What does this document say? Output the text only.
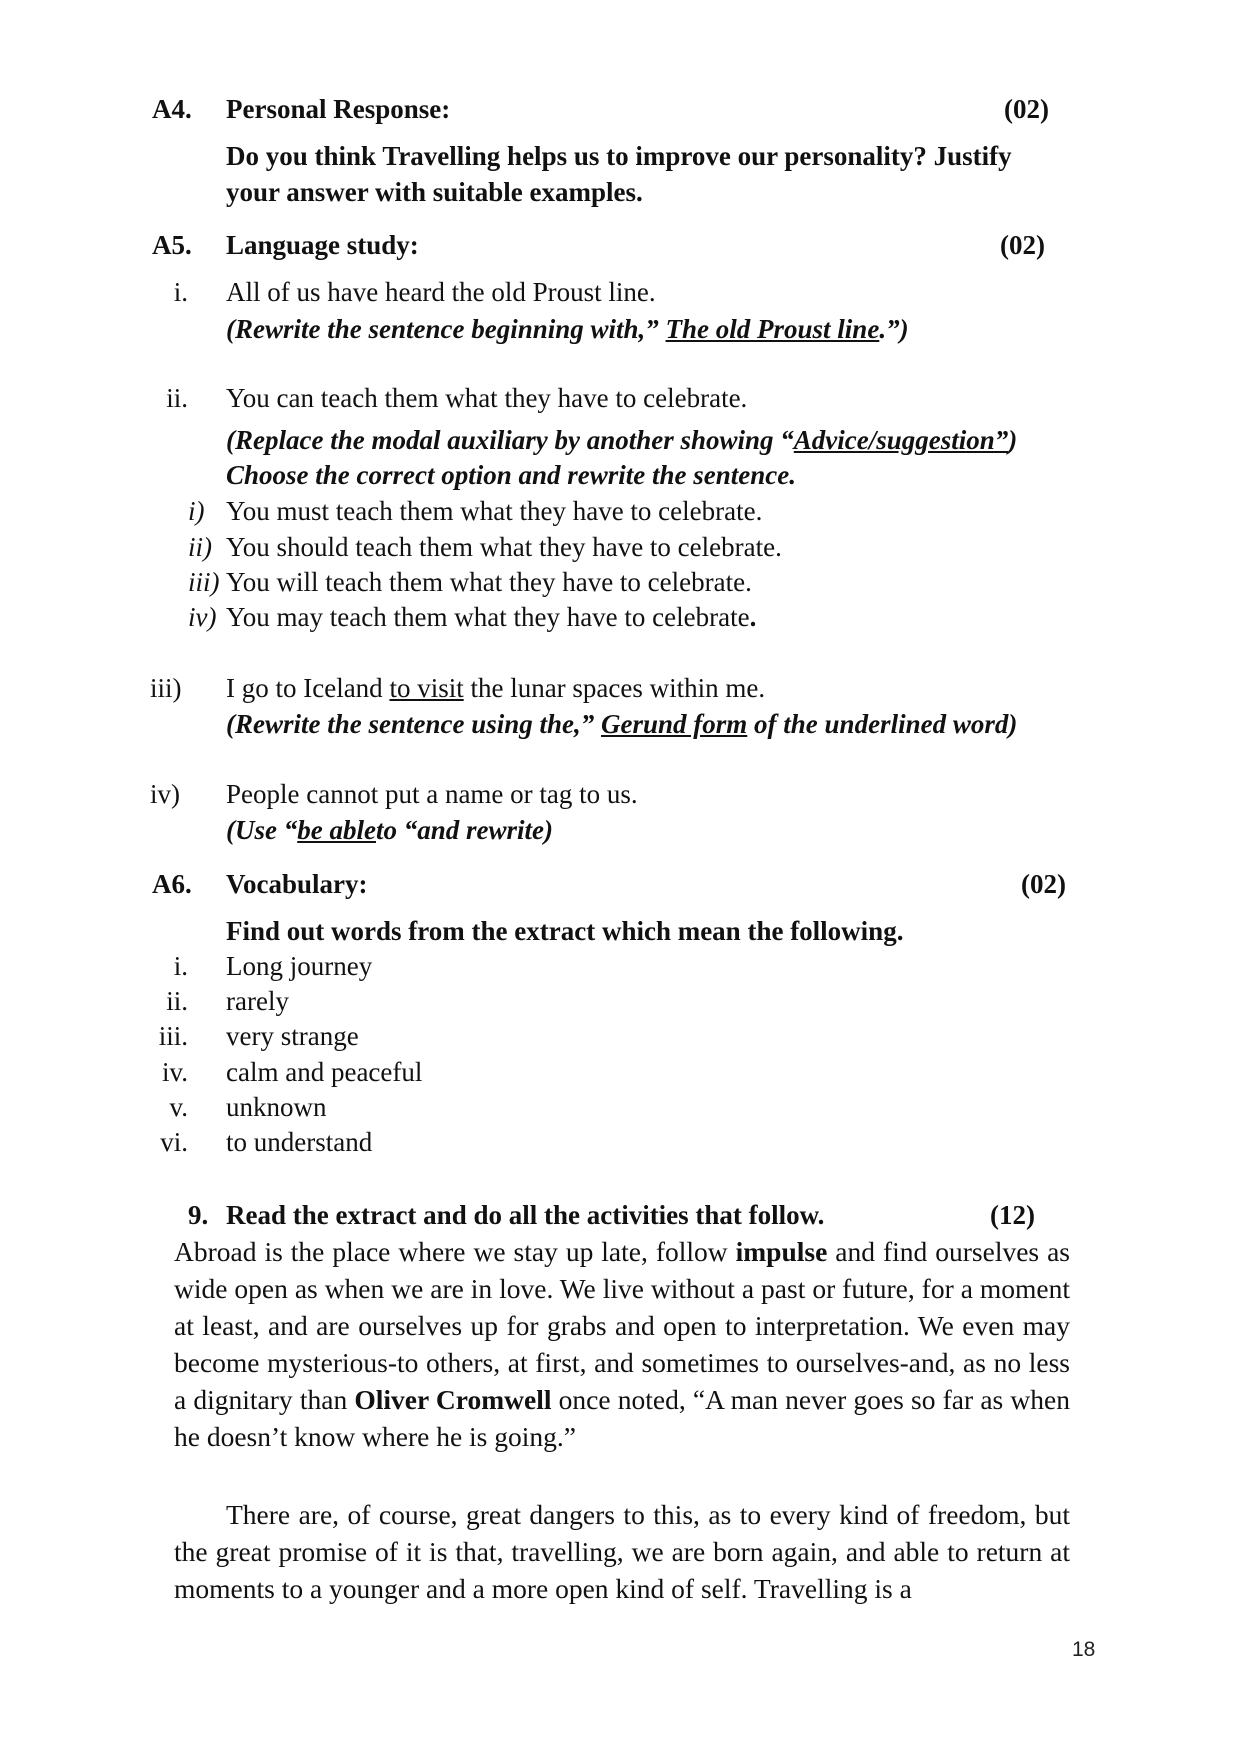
A4. Personal Response:	(02)
Do you think Travelling helps us to improve our personality? Justify
your answer with suitable examples.
A5. Language study:	(02)
i. All of us have heard the old Proust line.
(Rewrite the sentence beginning with,” The old Proust line.”)
ii. You can teach them what they have to celebrate.
(Replace the modal auxiliary by another showing “Advice/suggestion”)
Choose the correct option and rewrite the sentence.
i) You must teach them what they have to celebrate.
ii) You should teach them what they have to celebrate.
iii) You will teach them what they have to celebrate.
iv) You may teach them what they have to celebrate.
iii) I go to Iceland to visit the lunar spaces within me.
(Rewrite the sentence using the,” Gerund form of the underlined word)
iv) People cannot put a name or tag to us.
(Use “be ableto “and rewrite)
A6. Vocabulary:	(02)
Find out words from the extract which mean the following.
i. Long journey
ii. rarely
iii. very strange
iv. calm and peaceful
v. unknown
vi. to understand
9. Read the extract and do all the activities that follow.	(12)
Abroad is the place where we stay up late, follow impulse and find ourselves as wide open as when we are in love. We live without a past or future, for a moment at least, and are ourselves up for grabs and open to interpretation. We even may become mysterious-to others, at first, and sometimes to ourselves-and, as no less a dignitary than Oliver Cromwell once noted, “A man never goes so far as when he doesn’t know where he is going.”
There are, of course, great dangers to this, as to every kind of freedom, but the great promise of it is that, travelling, we are born again, and able to return at moments to a younger and a more open kind of self. Travelling is a
18
